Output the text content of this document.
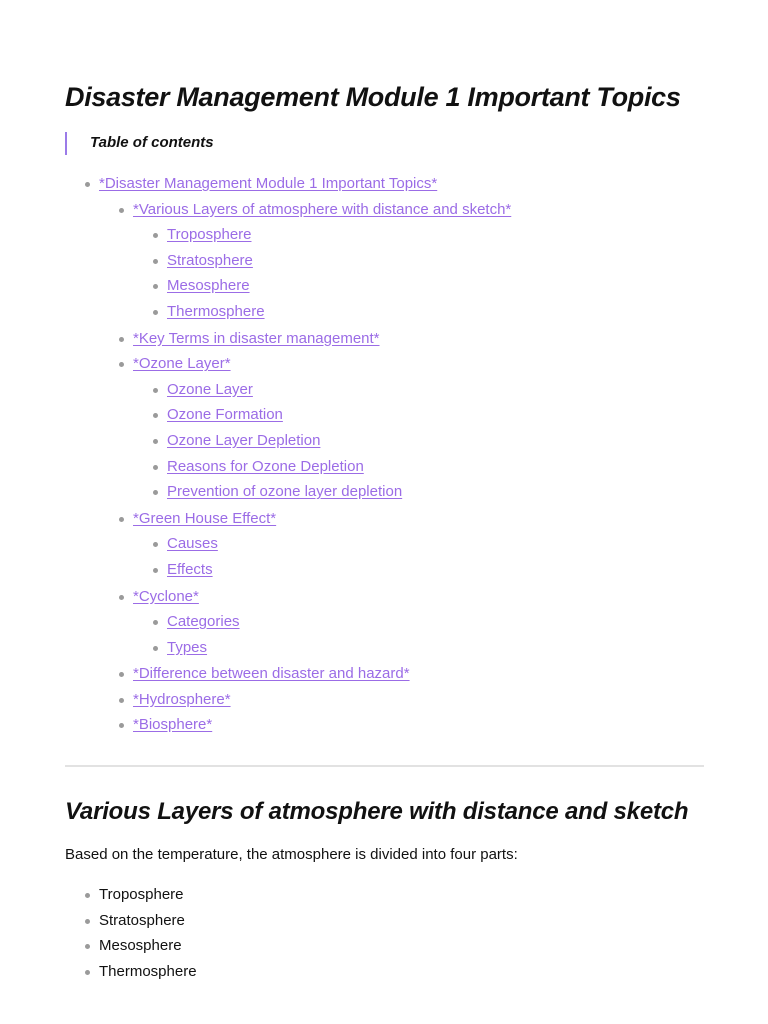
Disaster Management Module 1 Important Topics
Table of contents
*Disaster Management Module 1 Important Topics*
*Various Layers of atmosphere with distance and sketch*
Troposphere
Stratosphere
Mesosphere
Thermosphere
*Key Terms in disaster management*
*Ozone Layer*
Ozone Layer
Ozone Formation
Ozone Layer Depletion
Reasons for Ozone Depletion
Prevention of ozone layer depletion
*Green House Effect*
Causes
Effects
*Cyclone*
Categories
Types
*Difference between disaster and hazard*
*Hydrosphere*
*Biosphere*
Various Layers of atmosphere with distance and sketch

Based on the temperature, the atmosphere is divided into four parts:

Troposphere
Stratosphere
Mesosphere
Thermosphere
